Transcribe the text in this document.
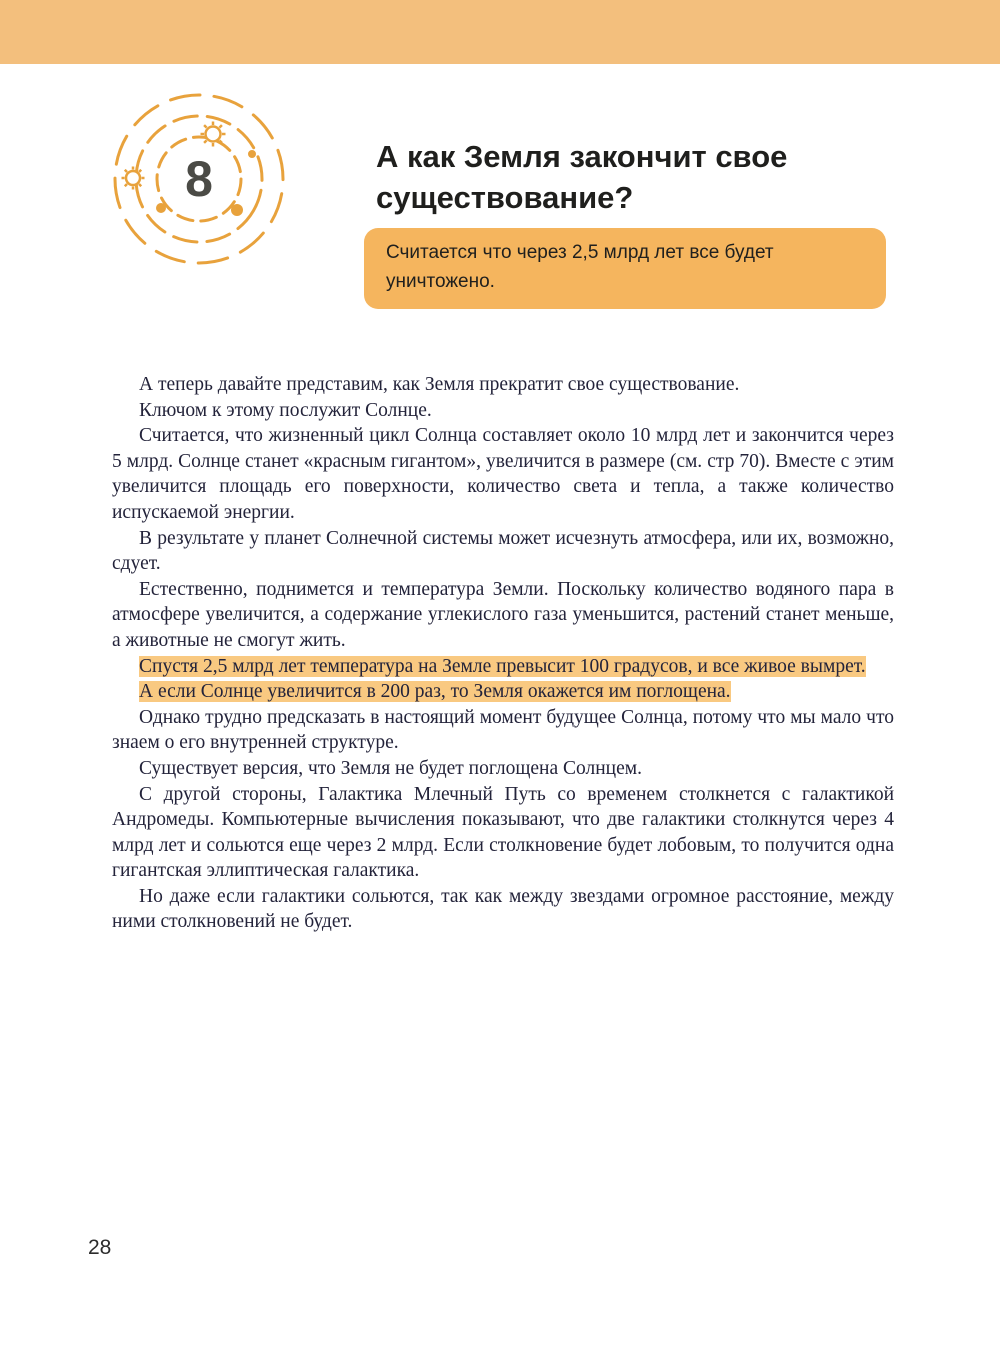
8	А как Земля закончит свое существование?
Считается что через 2,5 млрд лет все будет уничтожено.

А теперь давайте представим, как Земля прекратит свое существование.

Ключом к этому послужит Солнце.

Считается, что жизненный цикл Солнца составляет около 10 млрд лет и закончится через 5 млрд. Солнце станет «красным гигантом», увеличится в размере (см. стр 70). Вместе с этим увеличится площадь его поверхности, количество света и тепла, а также количество испускаемой энергии.

В результате у планет Солнечной системы может исчезнуть атмосфера, или их, возможно, сдует.

Естественно, поднимется и температура Земли. Поскольку количество водяного пара в атмосфере увеличится, а содержание углекислого газа уменьшится, растений станет меньше, а животные не смогут жить.

Спустя 2,5 млрд лет температура на Земле превысит 100 градусов, и все живое вымрет.

А если Солнце увеличится в 200 раз, то Земля окажется им поглощена.

Однако трудно предсказать в настоящий момент будущее Солнца, потому что мы мало что знаем о его внутренней структуре.

Существует версия, что Земля не будет поглощена Солнцем.

С другой стороны, Галактика Млечный Путь со временем столкнется с галактикой Андромеды. Компьютерные вычисления показывают, что две галактики столкнутся через 4 млрд лет и сольются еще через 2 млрд. Если столкновение будет лобовым, то получится одна гигантская эллиптическая галактика.

Но даже если галактики сольются, так как между звездами огромное расстояние, между ними столкновений не будет.

28
